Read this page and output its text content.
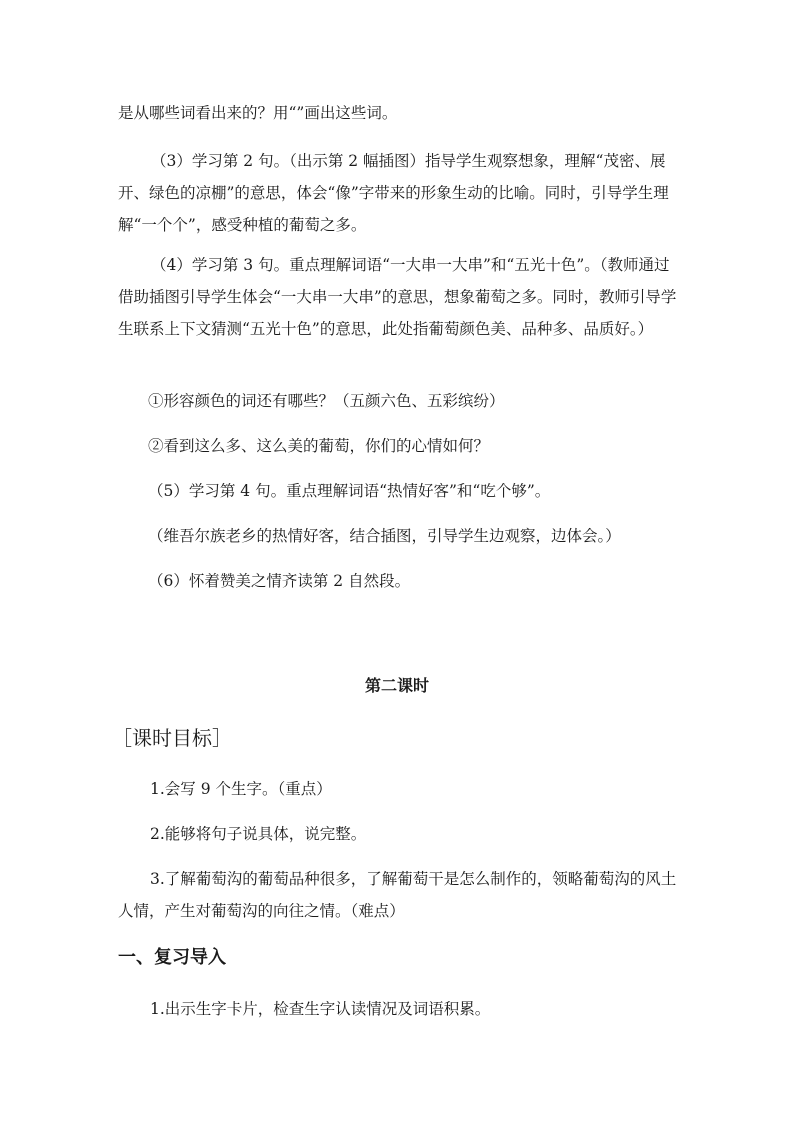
是从哪些词看出来的？用“”画出这些词。
（3）学习第 2 句。（出示第 2 幅插图）指导学生观察想象，理解“茂密、展开、绿色的凉棚”的意思，体会“像”字带来的形象生动的比喻。同时，引导学生理解“一个个”，感受种植的葡萄之多。
（4）学习第 3 句。重点理解词语“一大串一大串”和“五光十色”。（教师通过借助插图引导学生体会“一大串一大串”的意思，想象葡萄之多。同时，教师引导学生联系上下文猜测“五光十色”的意思，此处指葡萄颜色美、品种多、品质好。）
①形容颜色的词还有哪些？（五颜六色、五彩缤纷）
②看到这么多、这么美的葡萄，你们的心情如何？
（5）学习第 4 句。重点理解词语“热情好客”和“吃个够”。
（维吾尔族老乡的热情好客，结合插图，引导学生边观察，边体会。）
（6）怀着赞美之情齐读第 2 自然段。
第二课时
［课时目标］
1.会写 9 个生字。（重点）
2.能够将句子说具体，说完整。
3.了解葡萄沟的葡萄品种很多，了解葡萄干是怎么制作的，领略葡萄沟的风土人情，产生对葡萄沟的向往之情。（难点）
一、复习导入
1.出示生字卡片，检查生字认读情况及词语积累。
